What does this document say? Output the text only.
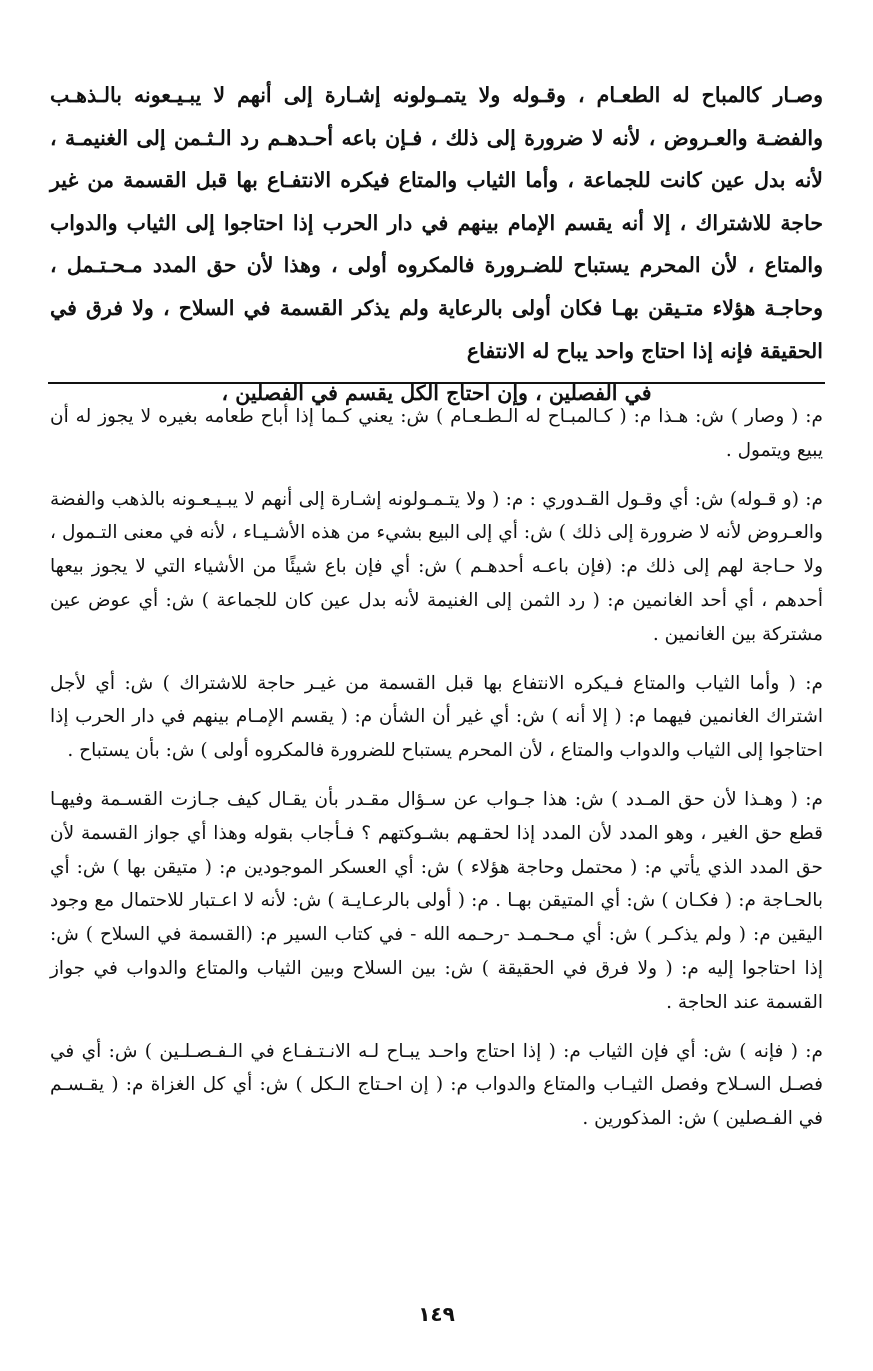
وصـار كالمباح له الطعـام ، وقـوله ولا يتمـولونه إشـارة إلى أنهم لا يبـيـعونه بالـذهـب والفضـة والعـروض ، لأنه لا ضرورة إلى ذلك ، فـإن باعه أحـدهـم رد الـثـمن إلى الغنيمـة ، لأنه بدل عين كانت للجماعة ، وأما الثياب والمتاع فيكره الانتفـاع بها قبل القسمة من غير حاجة للاشتراك ، إلا أنه يقسم الإمام بينهم في دار الحرب إذا احتاجوا إلى الثياب والدواب والمتاع ، لأن المحرم يستباح للضـرورة فالمكروه أولى ، وهذا لأن حق المدد مـحـتـمل ، وحاجـة هؤلاء متـيقن بهـا فكان أولى بالرعاية ولم يذكر القسمة في السلاح ، ولا فرق في الحقيقة فإنه إذا احتاج واحد يباح له الانتفاع
في الفصلين ، وإن احتاج الكل يقسم في الفصلين ،

م: ( وصار ) ش: هـذا م: ( كـالمبـاح له الـطـعـام ) ش: يعني كـما إذا أباح طعامه بغيره لا يجوز له أن يبيع ويتمول .

م: (و قـوله) ش: أي وقـول القـدوري : م: ( ولا يتـمـولونه إشـارة إلى أنهم لا يبـيـعـونه بالذهب والفضة والعـروض لأنه لا ضرورة إلى ذلك ) ش: أي إلى البيع بشيء من هذه الأشـيـاء ، لأنه في معنى التـمول ، ولا حـاجة لهم إلى ذلك م: (فإن باعـه أحدهـم ) ش: أي فإن باع شيئًا من الأشياء التي لا يجوز بيعها أحدهم ، أي أحد الغانمين م: ( رد الثمن إلى الغنيمة لأنه بدل عين كان للجماعة ) ش: أي عوض عين مشتركة بين الغانمين .

م: ( وأما الثياب والمتاع فـيكره الانتفاع بها قبل القسمة من غيـر حاجة للاشتراك ) ش: أي لأجل اشتراك الغانمين فيهما م: ( إلا أنه ) ش: أي غير أن الشأن م: ( يقسم الإمـام بينهم في دار الحرب إذا احتاجوا إلى الثياب والدواب والمتاع ، لأن المحرم يستباح للضرورة فالمكروه أولى ) ش: بأن يستباح .

م: ( وهـذا لأن حق المـدد ) ش: هذا جـواب عن سـؤال مقـدر بأن يقـال كيف جـازت القسـمة وفيهـا قطع حق الغير ، وهو المدد لأن المدد إذا لحقـهم بشـوكتهم ؟ فـأجاب بقوله وهذا أي جواز القسمة لأن حق المدد الذي يأتي م: ( محتمل وحاجة هؤلاء ) ش: أي العسكر الموجودين م: ( متيقن بها ) ش: أي بالحـاجة م: ( فكـان ) ش: أي المتيقن بهـا . م: ( أولى بالرعـايـة ) ش: لأنه لا اعـتبار للاحتمال مع وجود اليقين م: ( ولم يذكـر ) ش: أي مـحـمـد -رحـمه الله - في كتاب السير م: (القسمة في السلاح ) ش: إذا احتاجوا إليه م: ( ولا فرق في الحقيقة ) ش: بين السلاح وبين الثياب والمتاع والدواب في جواز القسمة عند الحاجة .

م: ( فإنه ) ش: أي فإن الثياب م: ( إذا احتاج واحـد يبـاح لـه الانـتـفـاع في الـفـصـلـين ) ش: أي في فصـل السـلاح وفصل الثيـاب والمتاع والدواب م: ( إن احـتاج الـكل ) ش: أي كل الغزاة م: ( يقـسـم في الفـصلين ) ش: المذكورين .

١٤٩
